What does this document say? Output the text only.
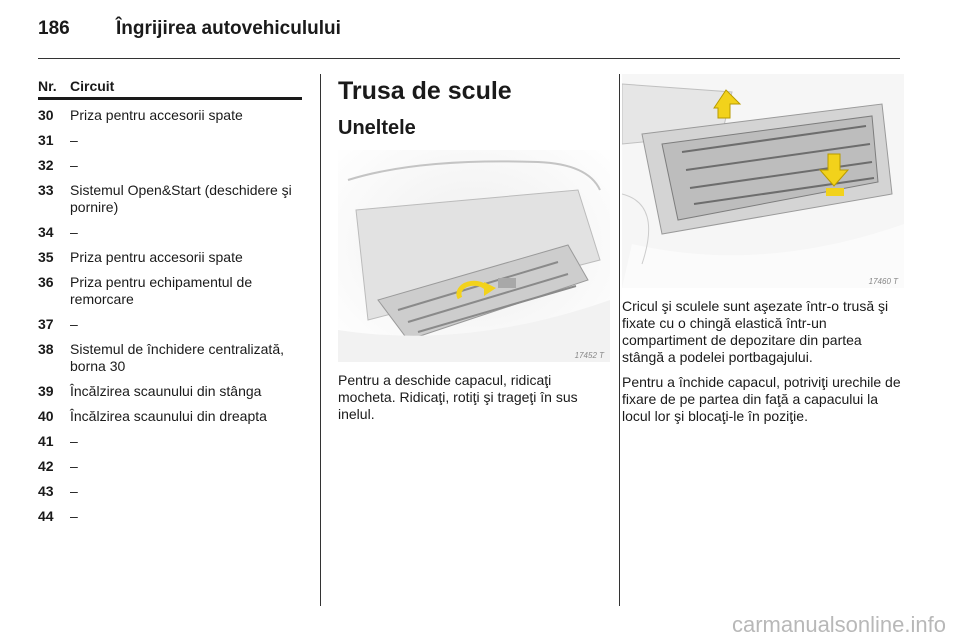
186 Îngrijirea autovehiculului
Nr. Circuit
30 Priza pentru accesorii spate
31 –
32 –
33 Sistemul Open&Start (deschidere şi pornire)
34 –
35 Priza pentru accesorii spate
36 Priza pentru echipamentul de remorcare
37 –
38 Sistemul de închidere centralizată, borna 30
39 Încălzirea scaunului din stânga
40 Încălzirea scaunului din dreapta
41 –
42 –
43 –
44 –
Trusa de scule
Uneltele
17452 T

Pentru a deschide capacul, ridicaţi mocheta. Ridicaţi, rotiţi şi trageţi în sus inelul.

17460 T

Cricul şi sculele sunt aşezate într-o trusă şi fixate cu o chingă elastică într-un compartiment de depozitare din partea stângă a podelei portbagajului.

Pentru a închide capacul, potriviţi urechile de fixare de pe partea din faţă a capacului la locul lor şi blocaţi-le în poziţie.

carmanualsonline.info
